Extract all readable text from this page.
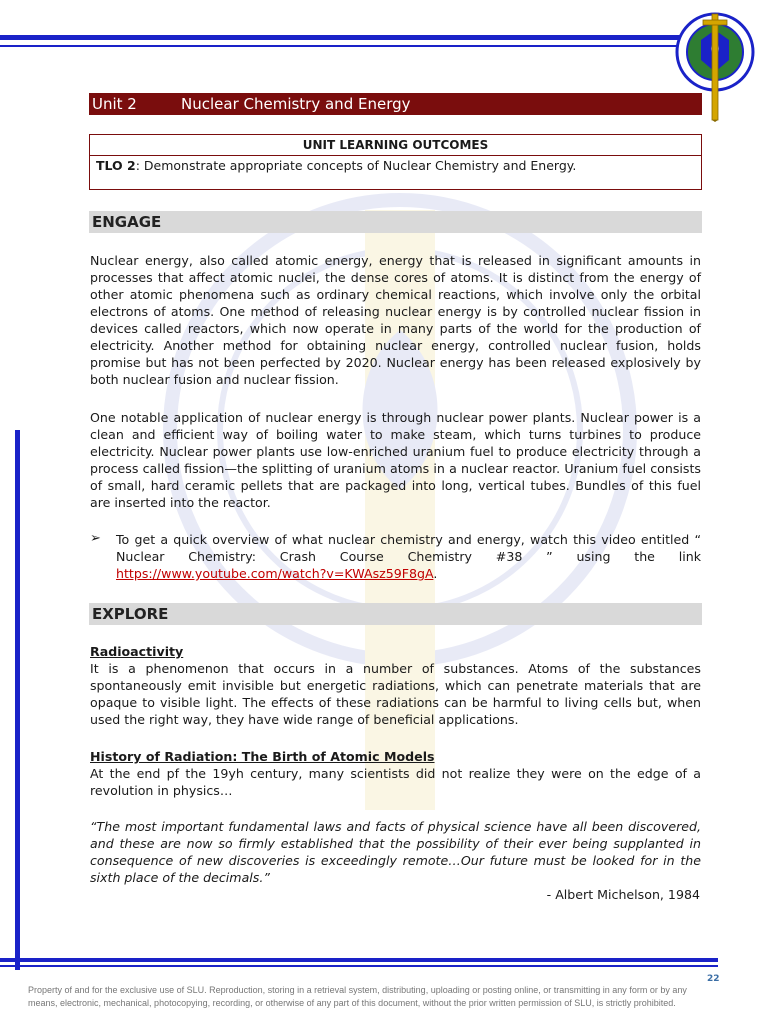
Unit 2	Nuclear Chemistry and Energy
UNIT LEARNING OUTCOMES
TLO 2: Demonstrate appropriate concepts of Nuclear Chemistry and Energy.
ENGAGE
Nuclear energy, also called atomic energy, energy that is released in significant amounts in processes that affect atomic nuclei, the dense cores of atoms. It is distinct from the energy of other atomic phenomena such as ordinary chemical reactions, which involve only the orbital electrons of atoms. One method of releasing nuclear energy is by controlled nuclear fission in devices called reactors, which now operate in many parts of the world for the production of electricity. Another method for obtaining nuclear energy, controlled nuclear fusion, holds promise but has not been perfected by 2020. Nuclear energy has been released explosively by both nuclear fusion and nuclear fission.
One notable application of nuclear energy is through nuclear power plants. Nuclear power is a clean and efficient way of boiling water to make steam, which turns turbines to produce electricity. Nuclear power plants use low-enriched uranium fuel to produce electricity through a process called fission—the splitting of uranium atoms in a nuclear reactor. Uranium fuel consists of small, hard ceramic pellets that are packaged into long, vertical tubes. Bundles of this fuel are inserted into the reactor.
➢ To get a quick overview of what nuclear chemistry and energy, watch this video entitled “ Nuclear Chemistry: Crash Course Chemistry #38 ” using the link https://www.youtube.com/watch?v=KWAsz59F8gA.
EXPLORE
Radioactivity
It is a phenomenon that occurs in a number of substances. Atoms of the substances spontaneously emit invisible but energetic radiations, which can penetrate materials that are opaque to visible light. The effects of these radiations can be harmful to living cells but, when used the right way, they have wide range of beneficial applications.
History of Radiation: The Birth of Atomic Models
At the end pf the 19yh century, many scientists did not realize they were on the edge of a revolution in physics…
“The most important fundamental laws and facts of physical science have all been discovered, and these are now so firmly established that the possibility of their ever being supplanted in consequence of new discoveries is exceedingly remote…Our future must be looked for in the sixth place of the decimals.”
- Albert Michelson, 1984
22
Property of and for the exclusive use of SLU. Reproduction, storing in a retrieval system, distributing, uploading or posting online, or transmitting in any form or by any means, electronic, mechanical, photocopying, recording, or otherwise of any part of this document, without the prior written permission of SLU, is strictly prohibited.
